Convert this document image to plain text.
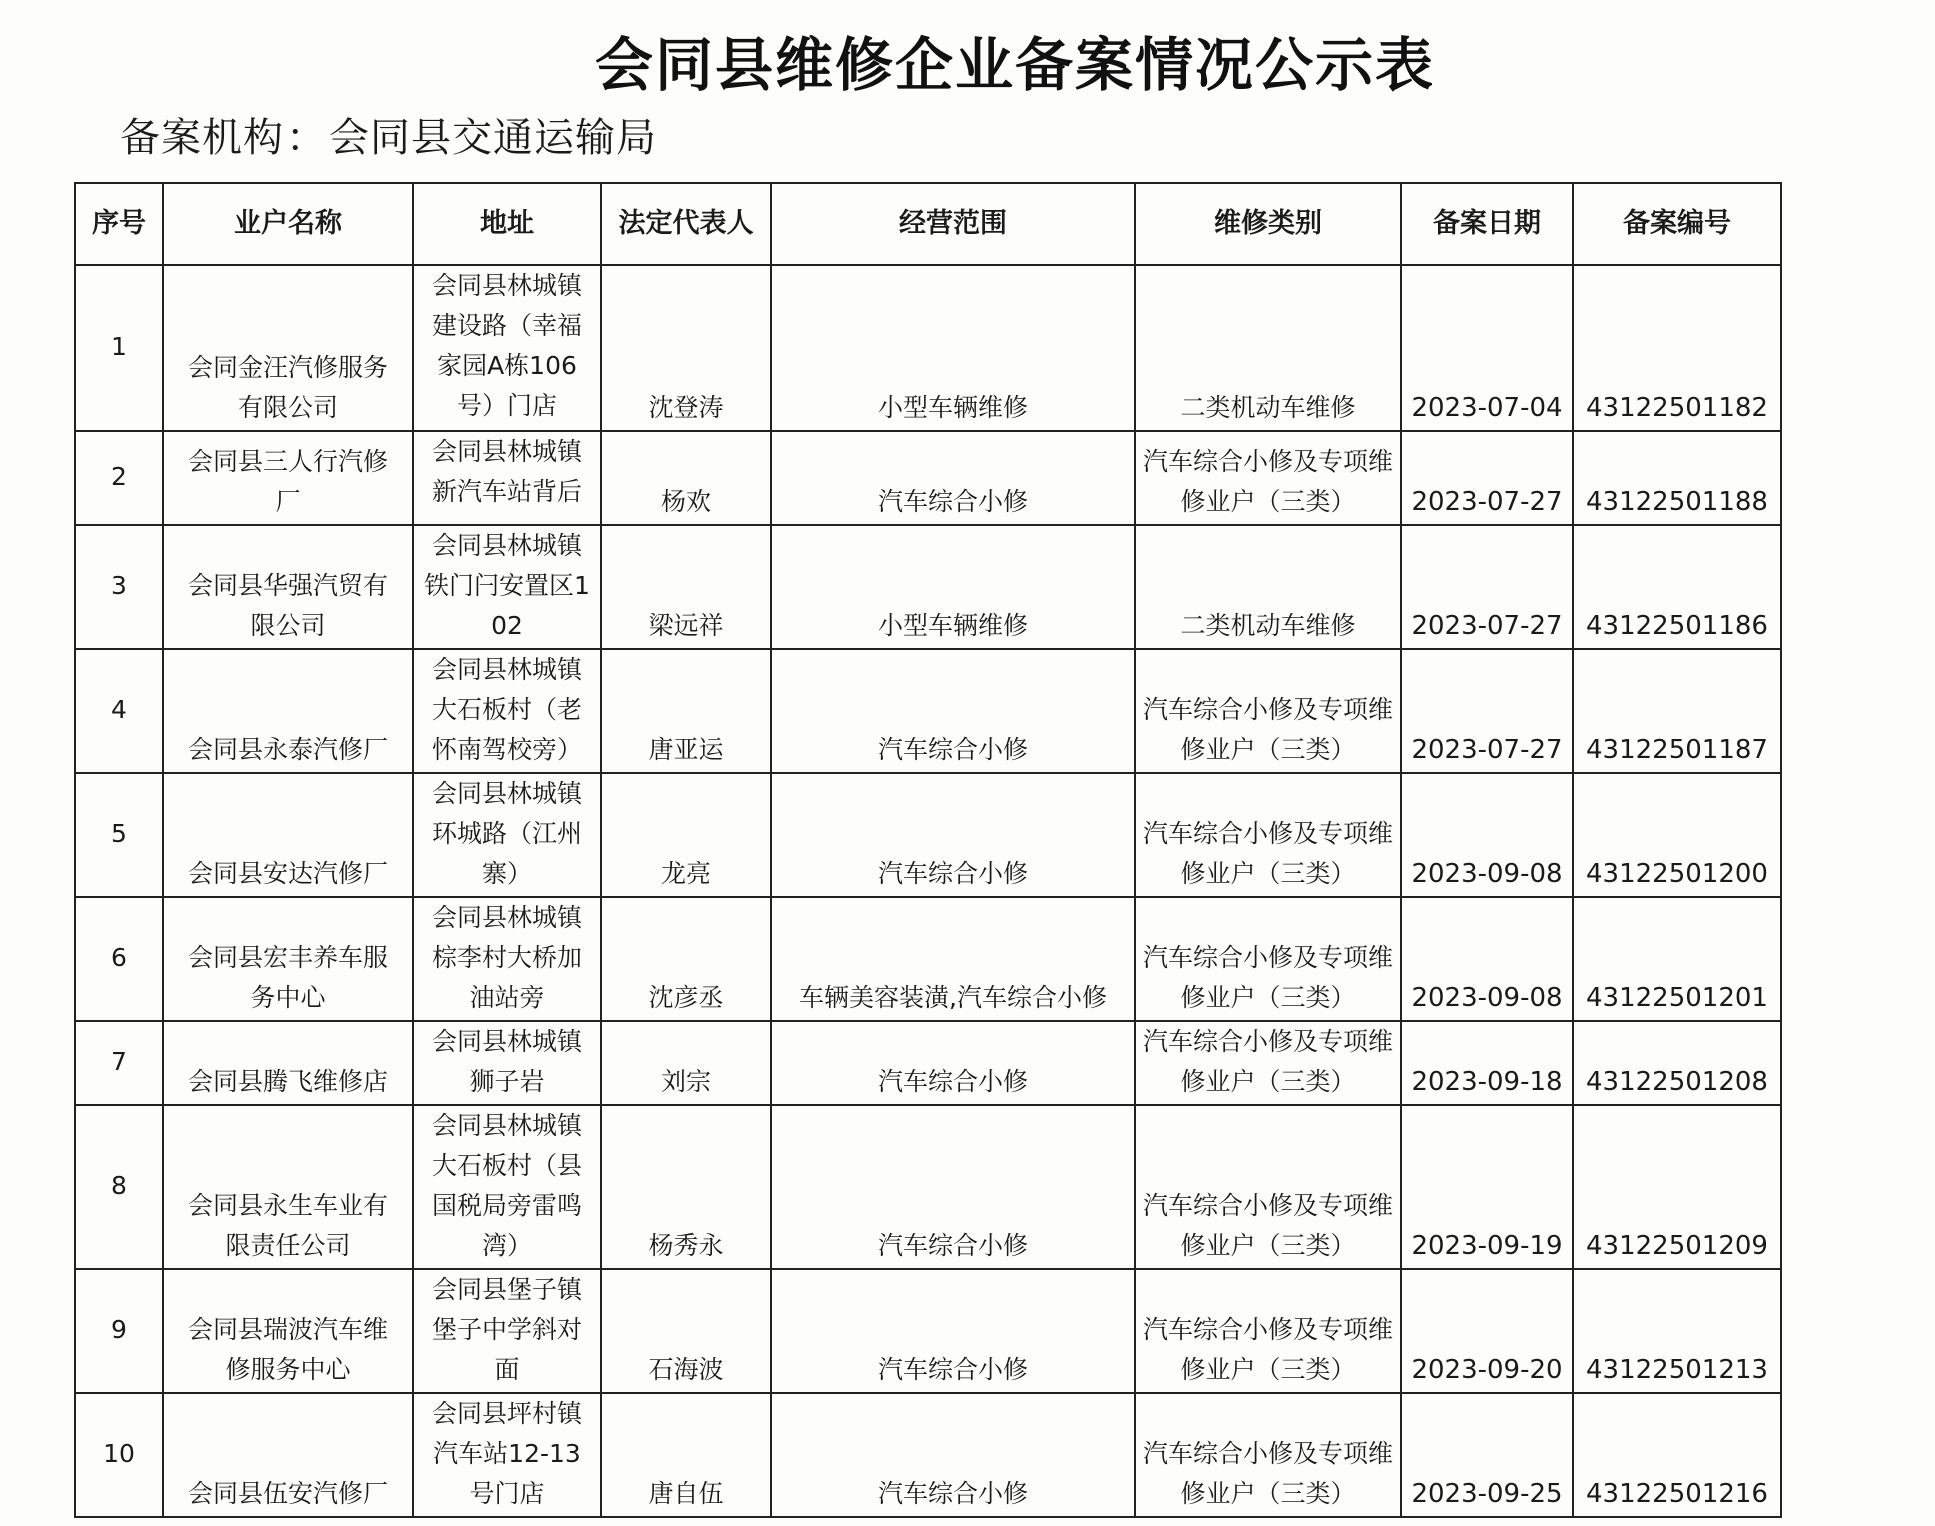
会同县维修企业备案情况公示表
备案机构：会同县交通运输局
序号	业户名称	地址	法定代表人	经营范围	维修类别	备案日期	备案编号
1	会同金汪汽修服务有限公司	会同县林城镇建设路（幸福家园A栋106号）门店	沈登涛	小型车辆维修	二类机动车维修	2023-07-04	43122501182
2	会同县三人行汽修厂	会同县林城镇新汽车站背后	杨欢	汽车综合小修	汽车综合小修及专项维修业户（三类）	2023-07-27	43122501188
3	会同县华强汽贸有限公司	会同县林城镇铁门闩安置区102	梁远祥	小型车辆维修	二类机动车维修	2023-07-27	43122501186
4	会同县永泰汽修厂	会同县林城镇大石板村（老怀南驾校旁）	唐亚运	汽车综合小修	汽车综合小修及专项维修业户（三类）	2023-07-27	43122501187
5	会同县安达汽修厂	会同县林城镇环城路（江州寨）	龙亮	汽车综合小修	汽车综合小修及专项维修业户（三类）	2023-09-08	43122501200
6	会同县宏丰养车服务中心	会同县林城镇棕李村大桥加油站旁	沈彦丞	车辆美容装潢,汽车综合小修	汽车综合小修及专项维修业户（三类）	2023-09-08	43122501201
7	会同县腾飞维修店	会同县林城镇狮子岩	刘宗	汽车综合小修	汽车综合小修及专项维修业户（三类）	2023-09-18	43122501208
8	会同县永生车业有限责任公司	会同县林城镇大石板村（县国税局旁雷鸣湾）	杨秀永	汽车综合小修	汽车综合小修及专项维修业户（三类）	2023-09-19	43122501209
9	会同县瑞波汽车维修服务中心	会同县堡子镇堡子中学斜对面	石海波	汽车综合小修	汽车综合小修及专项维修业户（三类）	2023-09-20	43122501213
10	会同县伍安汽修厂	会同县坪村镇汽车站12-13号门店	唐自伍	汽车综合小修	汽车综合小修及专项维修业户（三类）	2023-09-25	43122501216
